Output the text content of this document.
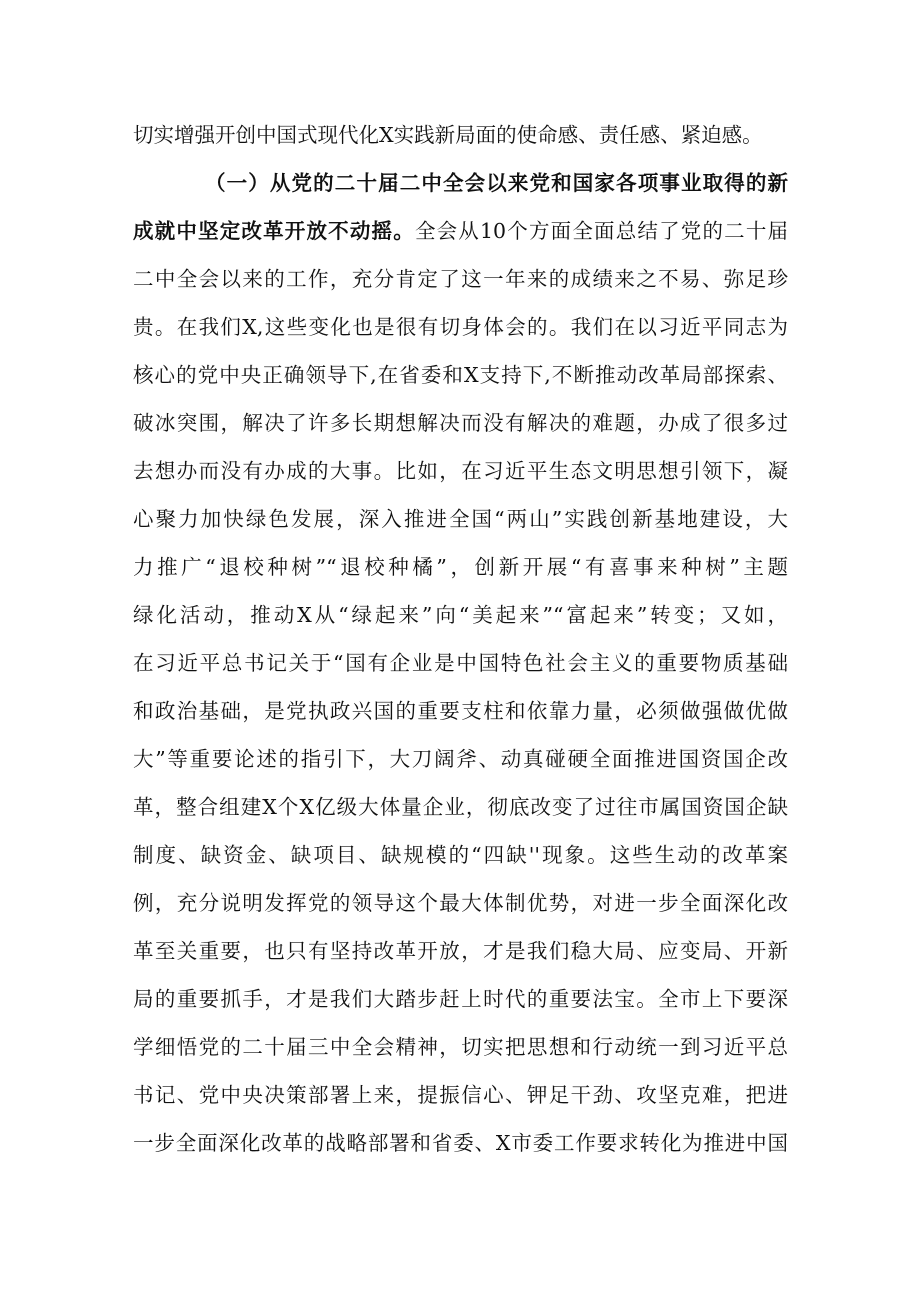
切实增强开创中国式现代化X实践新局面的使命感、责任感、紧迫感。
（一）从党的二十届二中全会以来党和国家各项事业取得的新
成就中坚定改革开放不动摇。全会从10个方面全面总结了党的二十届
二中全会以来的工作，充分肯定了这一年来的成绩来之不易、弥足珍
贵。在我们X,这些变化也是很有切身体会的。我们在以习近平同志为
核心的党中央正确领导下,在省委和X支持下,不断推动改革局部探索、
破冰突围，解决了许多长期想解决而没有解决的难题，办成了很多过
去想办而没有办成的大事。比如，在习近平生态文明思想引领下，凝
心聚力加快绿色发展，深入推进全国“两山”实践创新基地建设，大
力推广“退校种树”“退校种橘”，创新开展“有喜事来种树”主题
绿化活动，推动X从“绿起来”向“美起来”“富起来”转变；又如，
在习近平总书记关于“国有企业是中国特色社会主义的重要物质基础
和政治基础，是党执政兴国的重要支柱和依靠力量，必须做强做优做
大”等重要论述的指引下，大刀阔斧、动真碰硬全面推进国资国企改
革，整合组建X个X亿级大体量企业，彻底改变了过往市属国资国企缺
制度、缺资金、缺项目、缺规模的“四缺''现象。这些生动的改革案
例，充分说明发挥党的领导这个最大体制优势，对进一步全面深化改
革至关重要，也只有坚持改革开放，才是我们稳大局、应变局、开新
局的重要抓手，才是我们大踏步赶上时代的重要法宝。全市上下要深
学细悟党的二十届三中全会精神，切实把思想和行动统一到习近平总
书记、党中央决策部署上来，提振信心、钾足干劲、攻坚克难，把进
一步全面深化改革的战略部署和省委、X市委工作要求转化为推进中国
